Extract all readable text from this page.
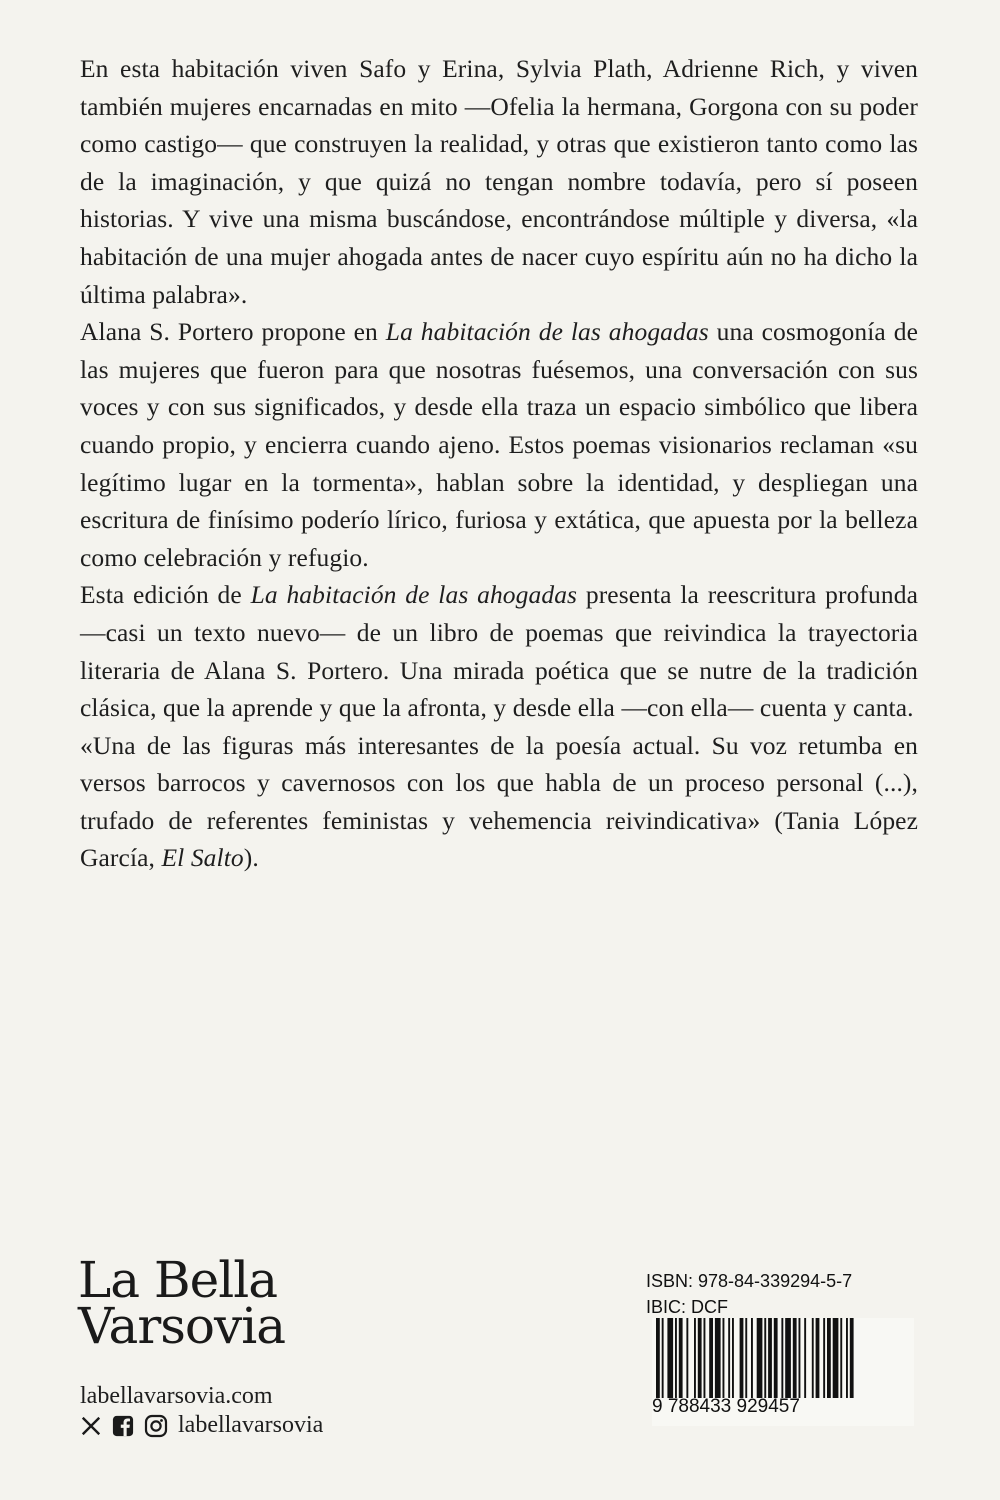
En esta habitación viven Safo y Erina, Sylvia Plath, Adrienne Rich, y viven también mujeres encarnadas en mito —Ofelia la hermana, Gorgona con su poder como castigo— que construyen la realidad, y otras que existieron tanto como las de la imaginación, y que quizá no tengan nombre todavía, pero sí poseen historias. Y vive una misma buscándose, encontrándose múltiple y diversa, «la habitación de una mujer ahogada antes de nacer cuyo espíritu aún no ha dicho la última palabra».

Alana S. Portero propone en La habitación de las ahogadas una cosmogonía de las mujeres que fueron para que nosotras fuésemos, una conversación con sus voces y con sus significados, y desde ella traza un espacio simbólico que libera cuando propio, y encierra cuando ajeno. Estos poemas visionarios reclaman «su legítimo lugar en la tormenta», hablan sobre la identidad, y despliegan una escritura de finísimo poderío lírico, furiosa y extática, que apuesta por la belleza como celebración y refugio.

Esta edición de La habitación de las ahogadas presenta la reescritura profunda —casi un texto nuevo— de un libro de poemas que reivindica la trayectoria literaria de Alana S. Portero. Una mirada poética que se nutre de la tradición clásica, que la aprende y que la afronta, y desde ella —con ella— cuenta y canta.

«Una de las figuras más interesantes de la poesía actual. Su voz retumba en versos barrocos y cavernosos con los que habla de un proceso personal (...), trufado de referentes feministas y vehemencia reivindicativa» (Tania López García, El Salto).

La Bella
Varsovia
labellavarsovia.com
labellavarsovia
ISBN: 978-84-339294-5-7
IBIC: DCF
9 788433 929457
